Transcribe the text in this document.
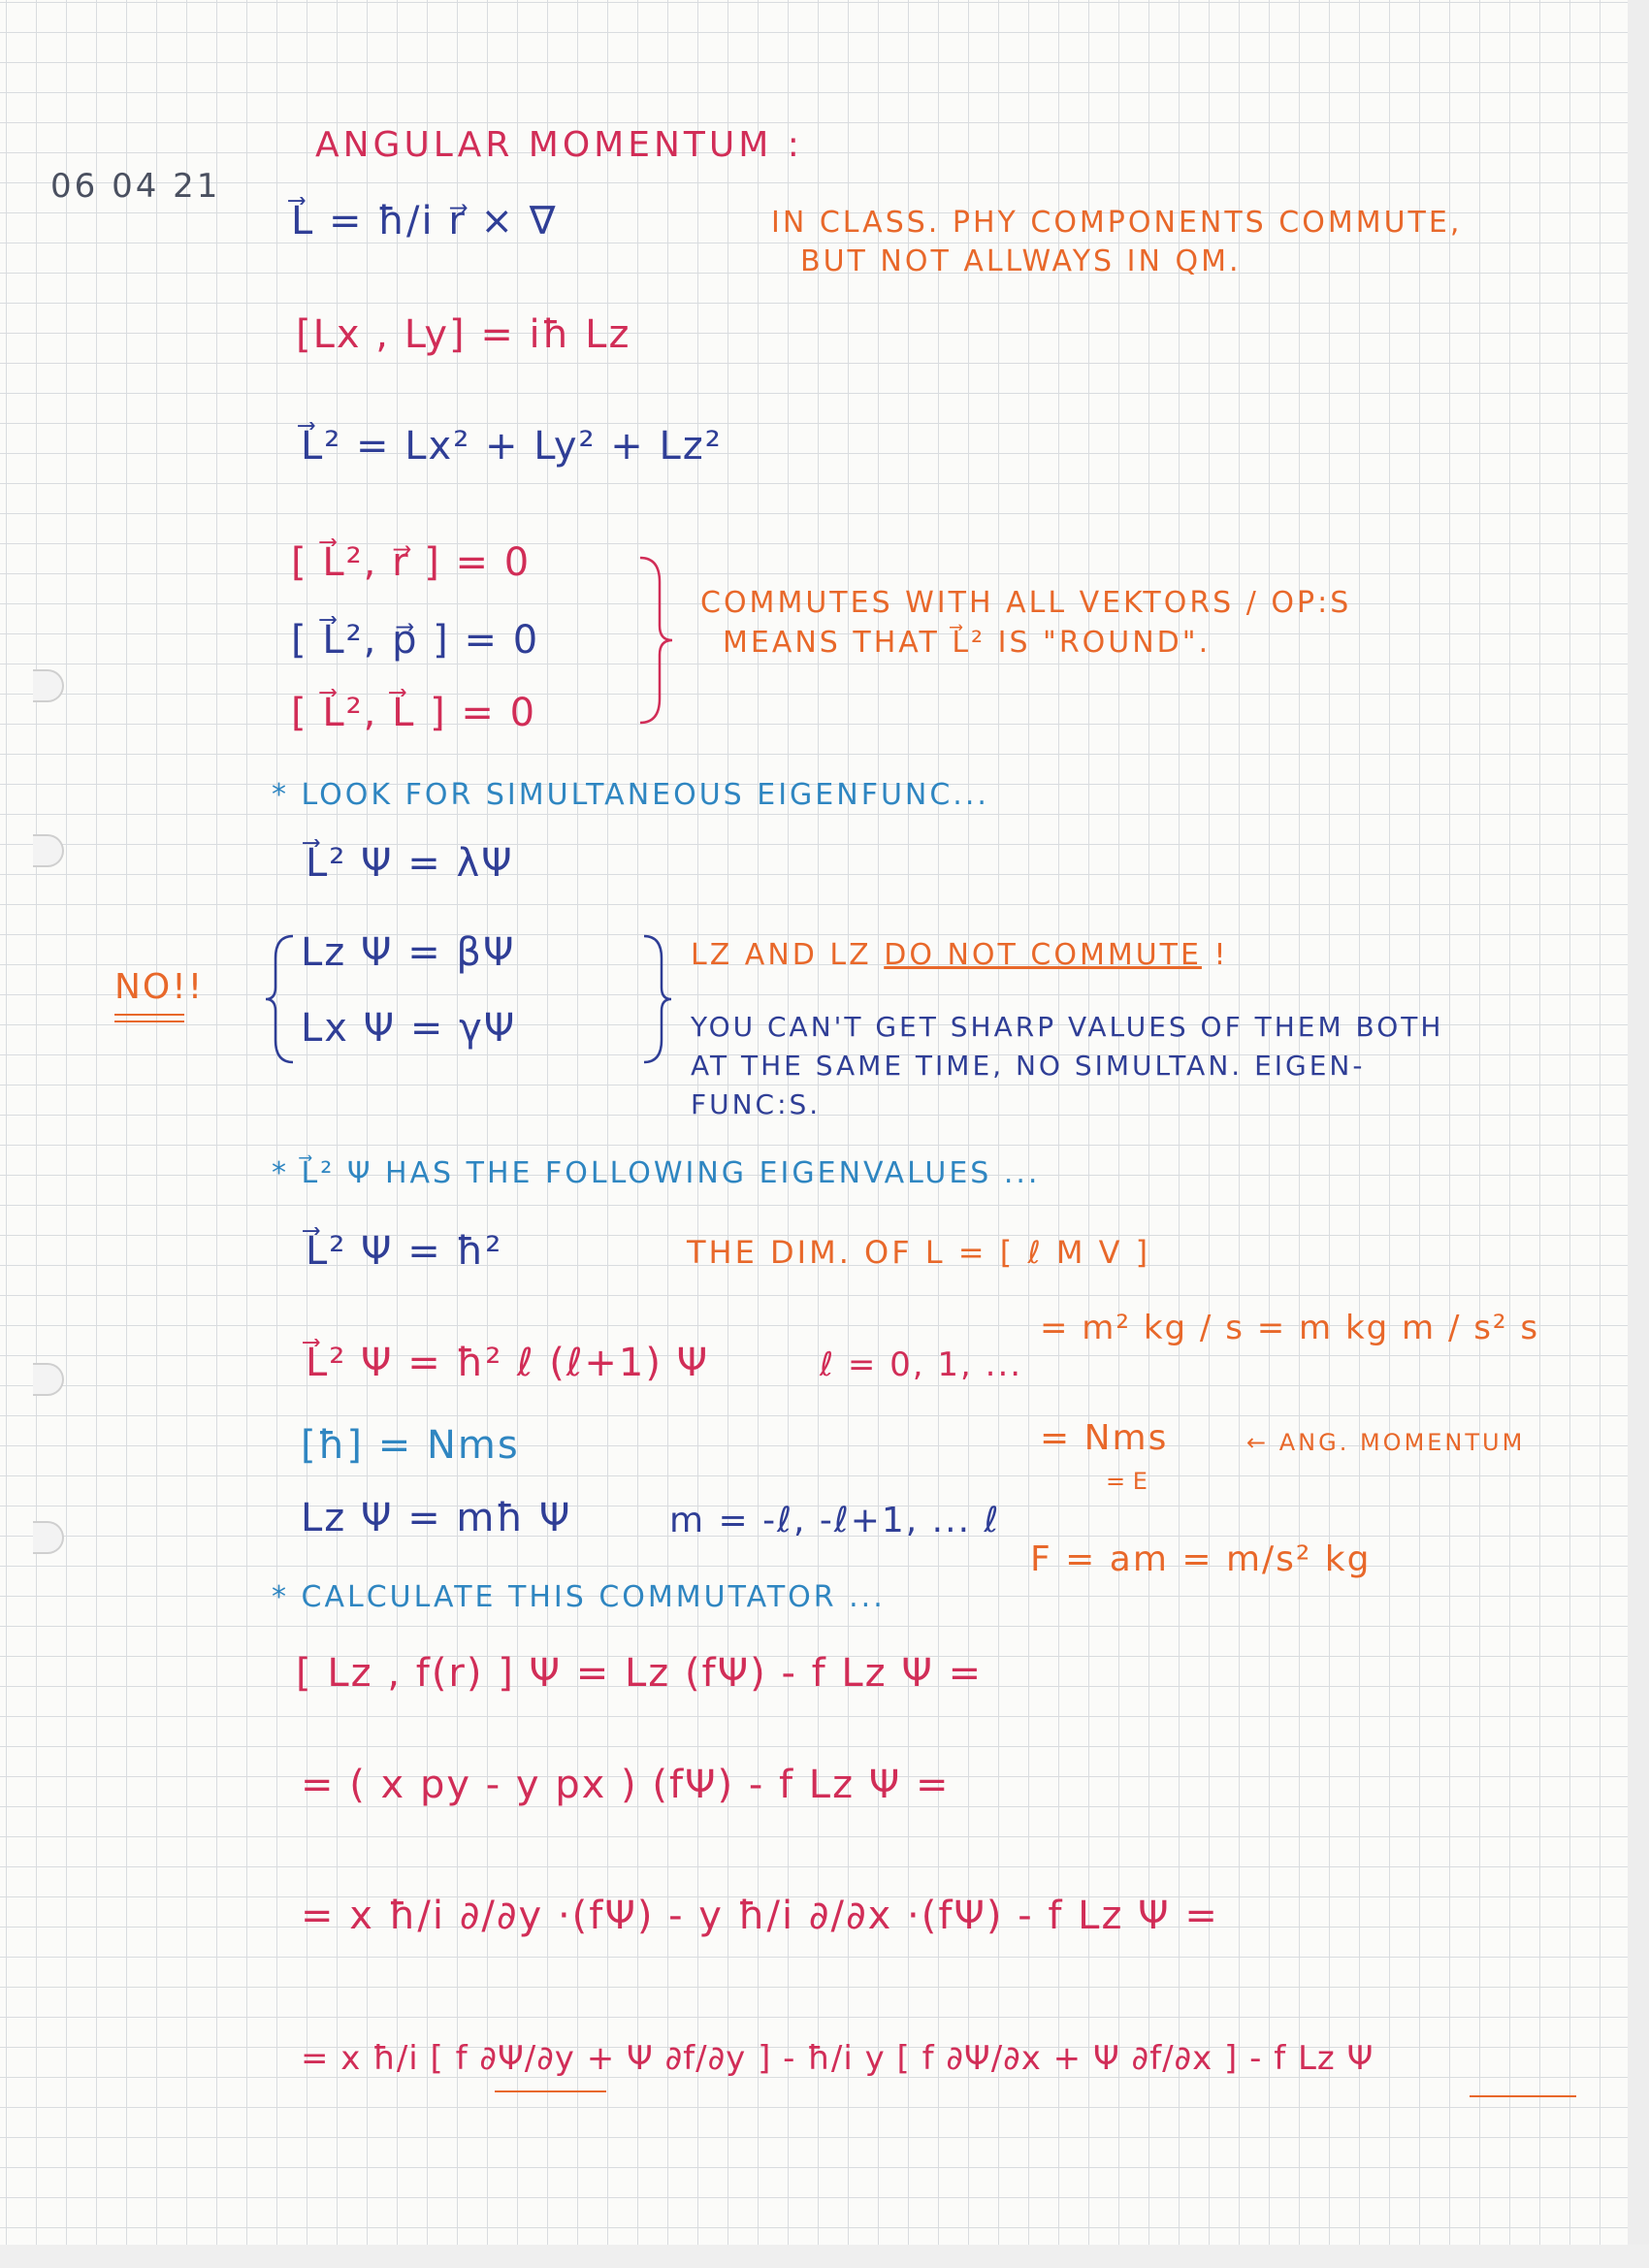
06 04 21
ANGULAR MOMENTUM :
L⃗ = ħ/i r⃗ × ∇	IN CLASS. PHY COMPONENTS COMMUTE,
BUT NOT ALLWAYS IN QM.
[Lx , Ly] = iħ Lz
L⃗² = Lx² + Ly² + Lz²
[ L⃗², r⃗ ] = 0
[ L⃗², p⃗ ] = 0
[ L⃗², L⃗ ] = 0
COMMUTES WITH ALL VEKTORS / OP:S
MEANS THAT L⃗² IS "ROUND".
* LOOK FOR SIMULTANEOUS EIGENFUNC...
L⃗² Ψ = λΨ
NO!!
Lz Ψ = βΨ
Lx Ψ = γΨ
LZ AND LZ DO NOT COMMUTE !
YOU CAN'T GET SHARP VALUES OF THEM BOTH
AT THE SAME TIME, NO SIMULTAN. EIGEN-
FUNC:S.
* L⃗² Ψ HAS THE FOLLOWING EIGENVALUES ...
L⃗² Ψ = ħ²	THE DIM. OF L = [ ℓ M V ]
L⃗² Ψ = ħ² ℓ (ℓ+1) Ψ	ℓ = 0, 1, ...
= m² kg / s = m kg m / s² s
[ħ] = Nms	= Nms
= E
← ANG. MOMENTUM
Lz Ψ = mħ Ψ	m = -ℓ, -ℓ+1, ... ℓ
F = am = m/s² kg
* CALCULATE THIS COMMUTATOR ...
[ Lz , f(r) ] Ψ = Lz (fΨ) - f Lz Ψ =
= ( x py - y px ) (fΨ) - f Lz Ψ =
= x ħ/i ∂/∂y ·(fΨ) - y ħ/i ∂/∂x ·(fΨ) - f Lz Ψ =
= x ħ/i [ f ∂Ψ/∂y + Ψ ∂f/∂y ] - ħ/i y [ f ∂Ψ/∂x + Ψ ∂f/∂x ] - f Lz Ψ
